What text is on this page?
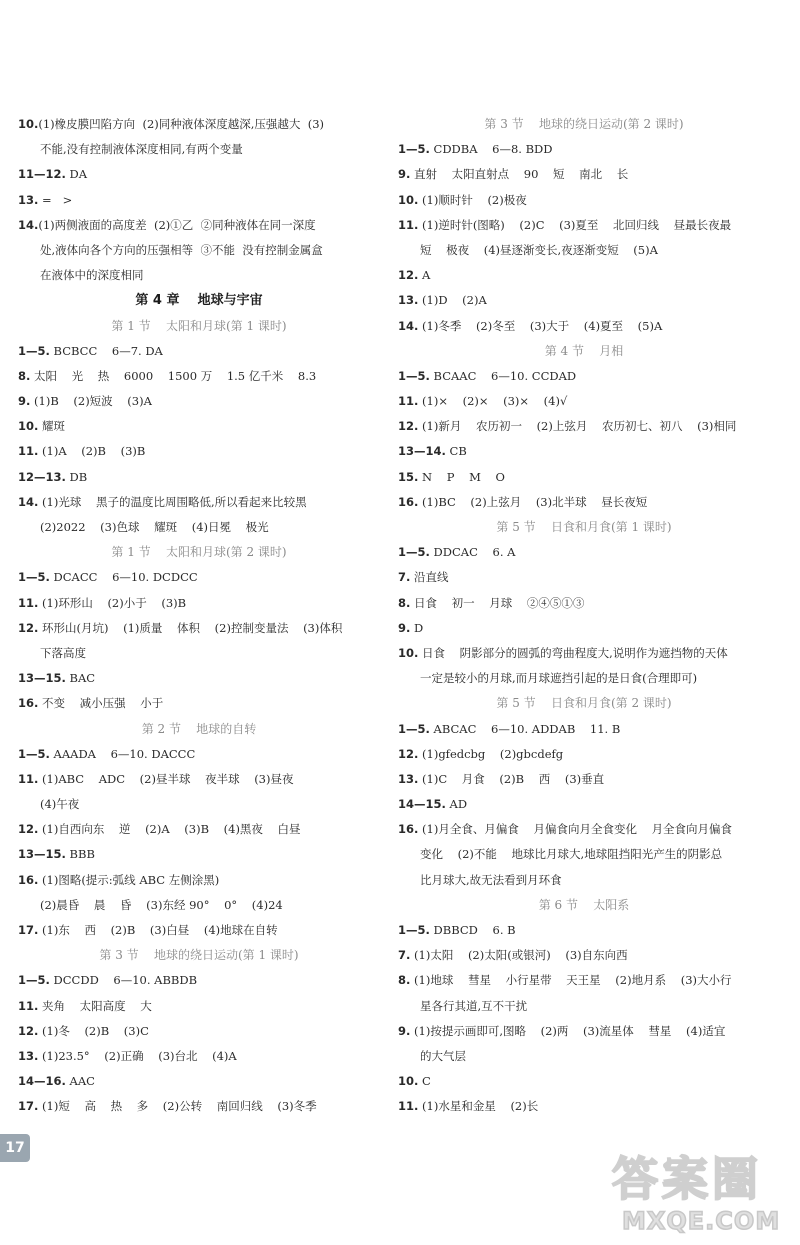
10.(1)橡皮膜凹陷方向  (2)同种液体深度越深,压强越大  (3)
不能,没有控制液体深度相同,有两个变量
11—12. DA
13. =   >
14.(1)两侧液面的高度差  (2)①乙  ②同种液体在同一深度
处,液体向各个方向的压强相等  ③不能  没有控制金属盒
在液体中的深度相同
第 4 章    地球与宇宙
第 1 节    太阳和月球(第 1 课时)
1—5. BCBCC    6—7. DA
8. 太阳    光    热    6000    1500 万    1.5 亿千米    8.3
9. (1)B    (2)短波    (3)A
10. 耀斑
11. (1)A    (2)B    (3)B
12—13. DB
14. (1)光球    黑子的温度比周围略低,所以看起来比较黑
(2)2022    (3)色球    耀斑    (4)日冕    极光
第 1 节    太阳和月球(第 2 课时)
1—5. DCACC    6—10. DCDCC
11. (1)环形山    (2)小于    (3)B
12. 环形山(月坑)    (1)质量    体积    (2)控制变量法    (3)体积
下落高度
13—15. BAC
16. 不变    减小压强    小于
第 2 节    地球的自转
1—5. AAADA    6—10. DACCC
11. (1)ABC    ADC    (2)昼半球    夜半球    (3)昼夜
(4)午夜
12. (1)自西向东    逆    (2)A    (3)B    (4)黑夜    白昼
13—15. BBB
16. (1)图略(提示:弧线 ABC 左侧涂黑)
(2)晨昏    晨    昏    (3)东经 90°    0°    (4)24
17. (1)东    西    (2)B    (3)白昼    (4)地球在自转
第 3 节    地球的绕日运动(第 1 课时)
1—5. DCCDD    6—10. ABBDB
11. 夹角    太阳高度    大
12. (1)冬    (2)B    (3)C
13. (1)23.5°    (2)正确    (3)台北    (4)A
14—16. AAC
17. (1)短    高    热    多    (2)公转    南回归线    (3)冬季
第 3 节    地球的绕日运动(第 2 课时)
1—5. CDDBA    6—8. BDD
9. 直射    太阳直射点    90    短    南北    长
10. (1)顺时针    (2)极夜
11. (1)逆时针(图略)    (2)C    (3)夏至    北回归线    昼最长夜最
短    极夜    (4)昼逐渐变长,夜逐渐变短    (5)A
12. A
13. (1)D    (2)A
14. (1)冬季    (2)冬至    (3)大于    (4)夏至    (5)A
第 4 节    月相
1—5. BCAAC    6—10. CCDAD
11. (1)×    (2)×    (3)×    (4)√
12. (1)新月    农历初一    (2)上弦月    农历初七、初八    (3)相同
13—14. CB
15. N    P    M    O
16. (1)BC    (2)上弦月    (3)北半球    昼长夜短
第 5 节    日食和月食(第 1 课时)
1—5. DDCAC    6. A
7. 沿直线
8. 日食    初一    月球    ②④⑤①③
9. D
10. 日食    阴影部分的圆弧的弯曲程度大,说明作为遮挡物的天体
一定是较小的月球,而月球遮挡引起的是日食(合理即可)
第 5 节    日食和月食(第 2 课时)
1—5. ABCAC    6—10. ADDAB    11. B
12. (1)gfedcbg    (2)gbcdefg
13. (1)C    月食    (2)B    西    (3)垂直
14—15. AD
16. (1)月全食、月偏食    月偏食向月全食变化    月全食向月偏食
变化    (2)不能    地球比月球大,地球阻挡阳光产生的阴影总
比月球大,故无法看到月环食
第 6 节    太阳系
1—5. DBBCD    6. B
7. (1)太阳    (2)太阳(或银河)    (3)自东向西
8. (1)地球    彗星    小行星带    天王星    (2)地月系    (3)大小行
星各行其道,互不干扰
9. (1)按提示画即可,图略    (2)两    (3)流星体    彗星    (4)适宜
的大气层
10. C
11. (1)水星和金星    (2)长
17
答案圈
MXQE.COM
